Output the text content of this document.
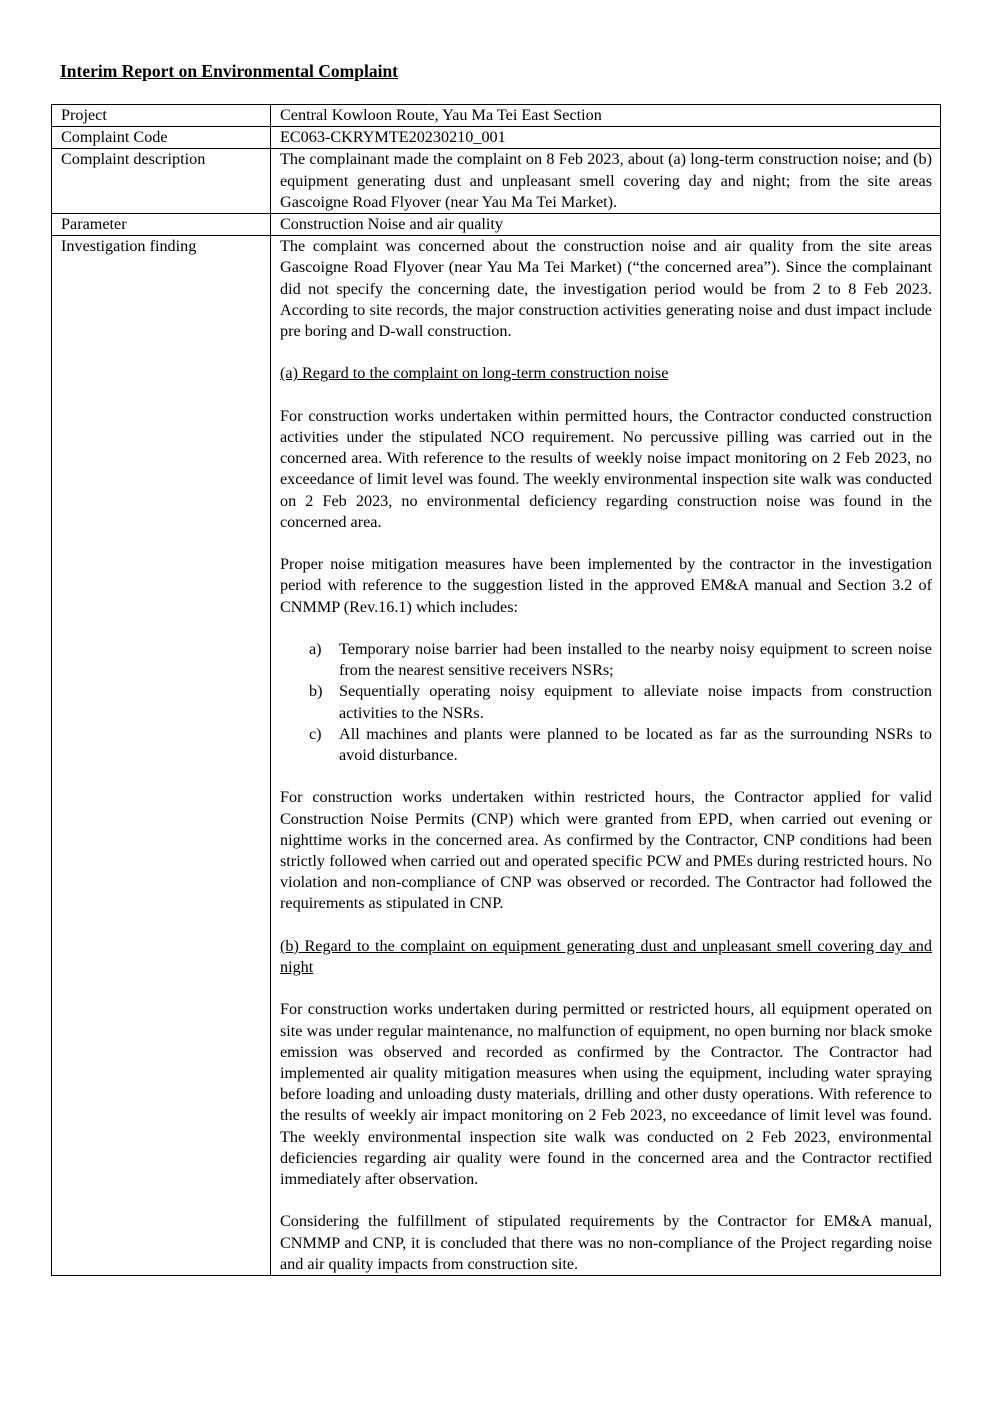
Interim Report on Environmental Complaint
Project	Central Kowloon Route, Yau Ma Tei East Section
Complaint Code	EC063-CKRYMTE20230210_001
Complaint description	The complainant made the complaint on 8 Feb 2023, about (a) long-term construction noise; and (b) equipment generating dust and unpleasant smell covering day and night; from the site areas Gascoigne Road Flyover (near Yau Ma Tei Market).
Parameter	Construction Noise and air quality
Investigation finding	The complaint was concerned about the construction noise and air quality from the site areas Gascoigne Road Flyover (near Yau Ma Tei Market) (“the concerned area”). Since the complainant did not specify the concerning date, the investigation period would be from 2 to 8 Feb 2023. According to site records, the major construction activities generating noise and dust impact include pre boring and D-wall construction.

(a) Regard to the complaint on long-term construction noise

For construction works undertaken within permitted hours, the Contractor conducted construction activities under the stipulated NCO requirement. No percussive pilling was carried out in the concerned area. With reference to the results of weekly noise impact monitoring on 2 Feb 2023, no exceedance of limit level was found. The weekly environmental inspection site walk was conducted on 2 Feb 2023, no environmental deficiency regarding construction noise was found in the concerned area.

Proper noise mitigation measures have been implemented by the contractor in the investigation period with reference to the suggestion listed in the approved EM&A manual and Section 3.2 of CNMMP (Rev.16.1) which includes:

a)	Temporary noise barrier had been installed to the nearby noisy equipment to screen noise from the nearest sensitive receivers NSRs;
b)	Sequentially operating noisy equipment to alleviate noise impacts from construction activities to the NSRs.
c)	All machines and plants were planned to be located as far as the surrounding NSRs to avoid disturbance.

For construction works undertaken within restricted hours, the Contractor applied for valid Construction Noise Permits (CNP) which were granted from EPD, when carried out evening or nighttime works in the concerned area. As confirmed by the Contractor, CNP conditions had been strictly followed when carried out and operated specific PCW and PMEs during restricted hours. No violation and non-compliance of CNP was observed or recorded. The Contractor had followed the requirements as stipulated in CNP.

(b) Regard to the complaint on equipment generating dust and unpleasant smell covering day and night

For construction works undertaken during permitted or restricted hours, all equipment operated on site was under regular maintenance, no malfunction of equipment, no open burning nor black smoke emission was observed and recorded as confirmed by the Contractor. The Contractor had implemented air quality mitigation measures when using the equipment, including water spraying before loading and unloading dusty materials, drilling and other dusty operations. With reference to the results of weekly air impact monitoring on 2 Feb 2023, no exceedance of limit level was found. The weekly environmental inspection site walk was conducted on 2 Feb 2023, environmental deficiencies regarding air quality were found in the concerned area and the Contractor rectified immediately after observation.

Considering the fulfillment of stipulated requirements by the Contractor for EM&A manual, CNMMP and CNP, it is concluded that there was no non-compliance of the Project regarding noise and air quality impacts from construction site.
